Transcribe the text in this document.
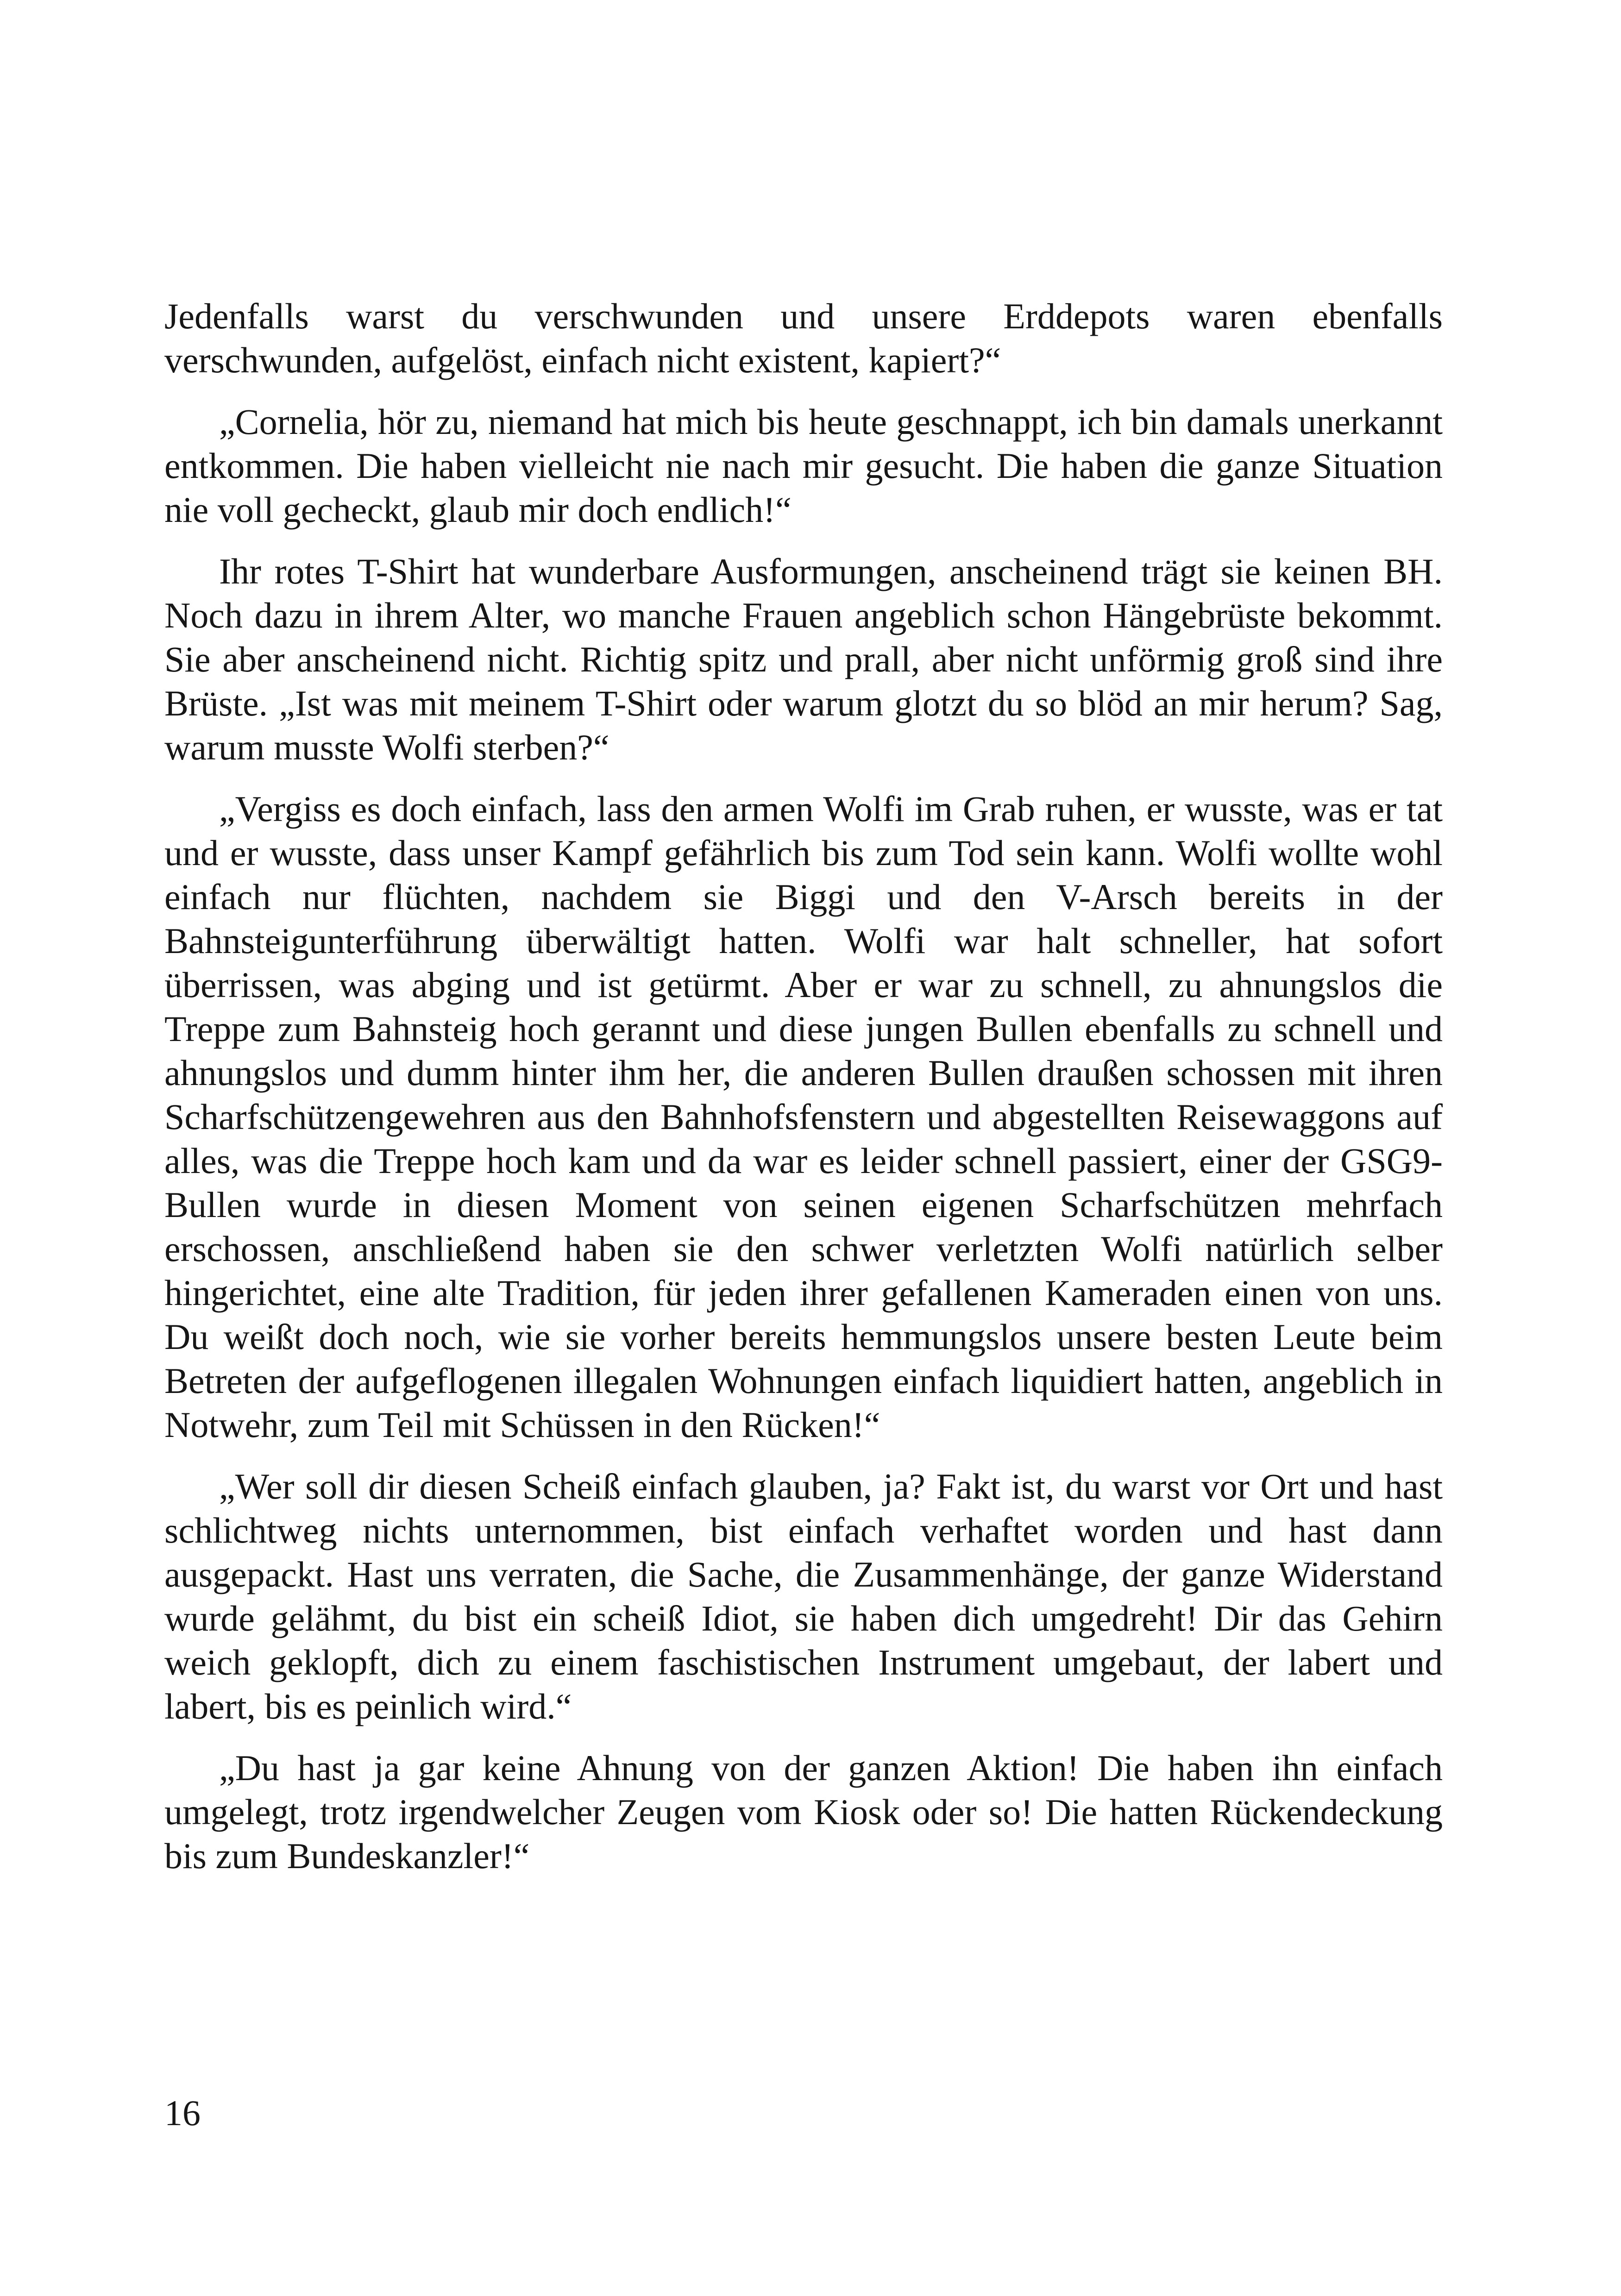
Jedenfalls warst du verschwunden und unsere Erddepots waren ebenfalls verschwunden, aufgelöst, einfach nicht existent, kapiert?“

„Cornelia, hör zu, niemand hat mich bis heute geschnappt, ich bin damals unerkannt entkommen. Die haben vielleicht nie nach mir gesucht. Die haben die ganze Situation nie voll gecheckt, glaub mir doch endlich!“

Ihr rotes T-Shirt hat wunderbare Ausformungen, anscheinend trägt sie keinen BH. Noch dazu in ihrem Alter, wo manche Frauen angeblich schon Hängebrüste bekommt. Sie aber anscheinend nicht. Richtig spitz und prall, aber nicht unförmig groß sind ihre Brüste. „Ist was mit meinem T-Shirt oder warum glotzt du so blöd an mir herum? Sag, warum musste Wolfi sterben?“

„Vergiss es doch einfach, lass den armen Wolfi im Grab ruhen, er wusste, was er tat und er wusste, dass unser Kampf gefährlich bis zum Tod sein kann. Wolfi wollte wohl einfach nur flüchten, nachdem sie Biggi und den V-Arsch bereits in der Bahnsteigunterführung überwältigt hatten. Wolfi war halt schneller, hat sofort überrissen, was abging und ist getürmt. Aber er war zu schnell, zu ahnungslos die Treppe zum Bahnsteig hoch gerannt und diese jungen Bullen ebenfalls zu schnell und ahnungslos und dumm hinter ihm her, die anderen Bullen draußen schossen mit ihren Scharfschützengewehren aus den Bahnhofsfenstern und abgestellten Reisewaggons auf alles, was die Treppe hoch kam und da war es leider schnell passiert, einer der GSG9-Bullen wurde in diesen Moment von seinen eigenen Scharfschützen mehrfach erschossen, anschließend haben sie den schwer verletzten Wolfi natürlich selber hingerichtet, eine alte Tradition, für jeden ihrer gefallenen Kameraden einen von uns. Du weißt doch noch, wie sie vorher bereits hemmungslos unsere besten Leute beim Betreten der aufgeflogenen illegalen Wohnungen einfach liquidiert hatten, angeblich in Notwehr, zum Teil mit Schüssen in den Rücken!“

„Wer soll dir diesen Scheiß einfach glauben, ja? Fakt ist, du warst vor Ort und hast schlichtweg nichts unternommen, bist einfach verhaftet worden und hast dann ausgepackt. Hast uns verraten, die Sache, die Zusammenhänge, der ganze Widerstand wurde gelähmt, du bist ein scheiß Idiot, sie haben dich umgedreht! Dir das Gehirn weich geklopft, dich zu einem faschistischen Instrument umgebaut, der labert und labert, bis es peinlich wird.“

„Du hast ja gar keine Ahnung von der ganzen Aktion! Die haben ihn einfach umgelegt, trotz irgendwelcher Zeugen vom Kiosk oder so! Die hatten Rückendeckung bis zum Bundeskanzler!“

16
